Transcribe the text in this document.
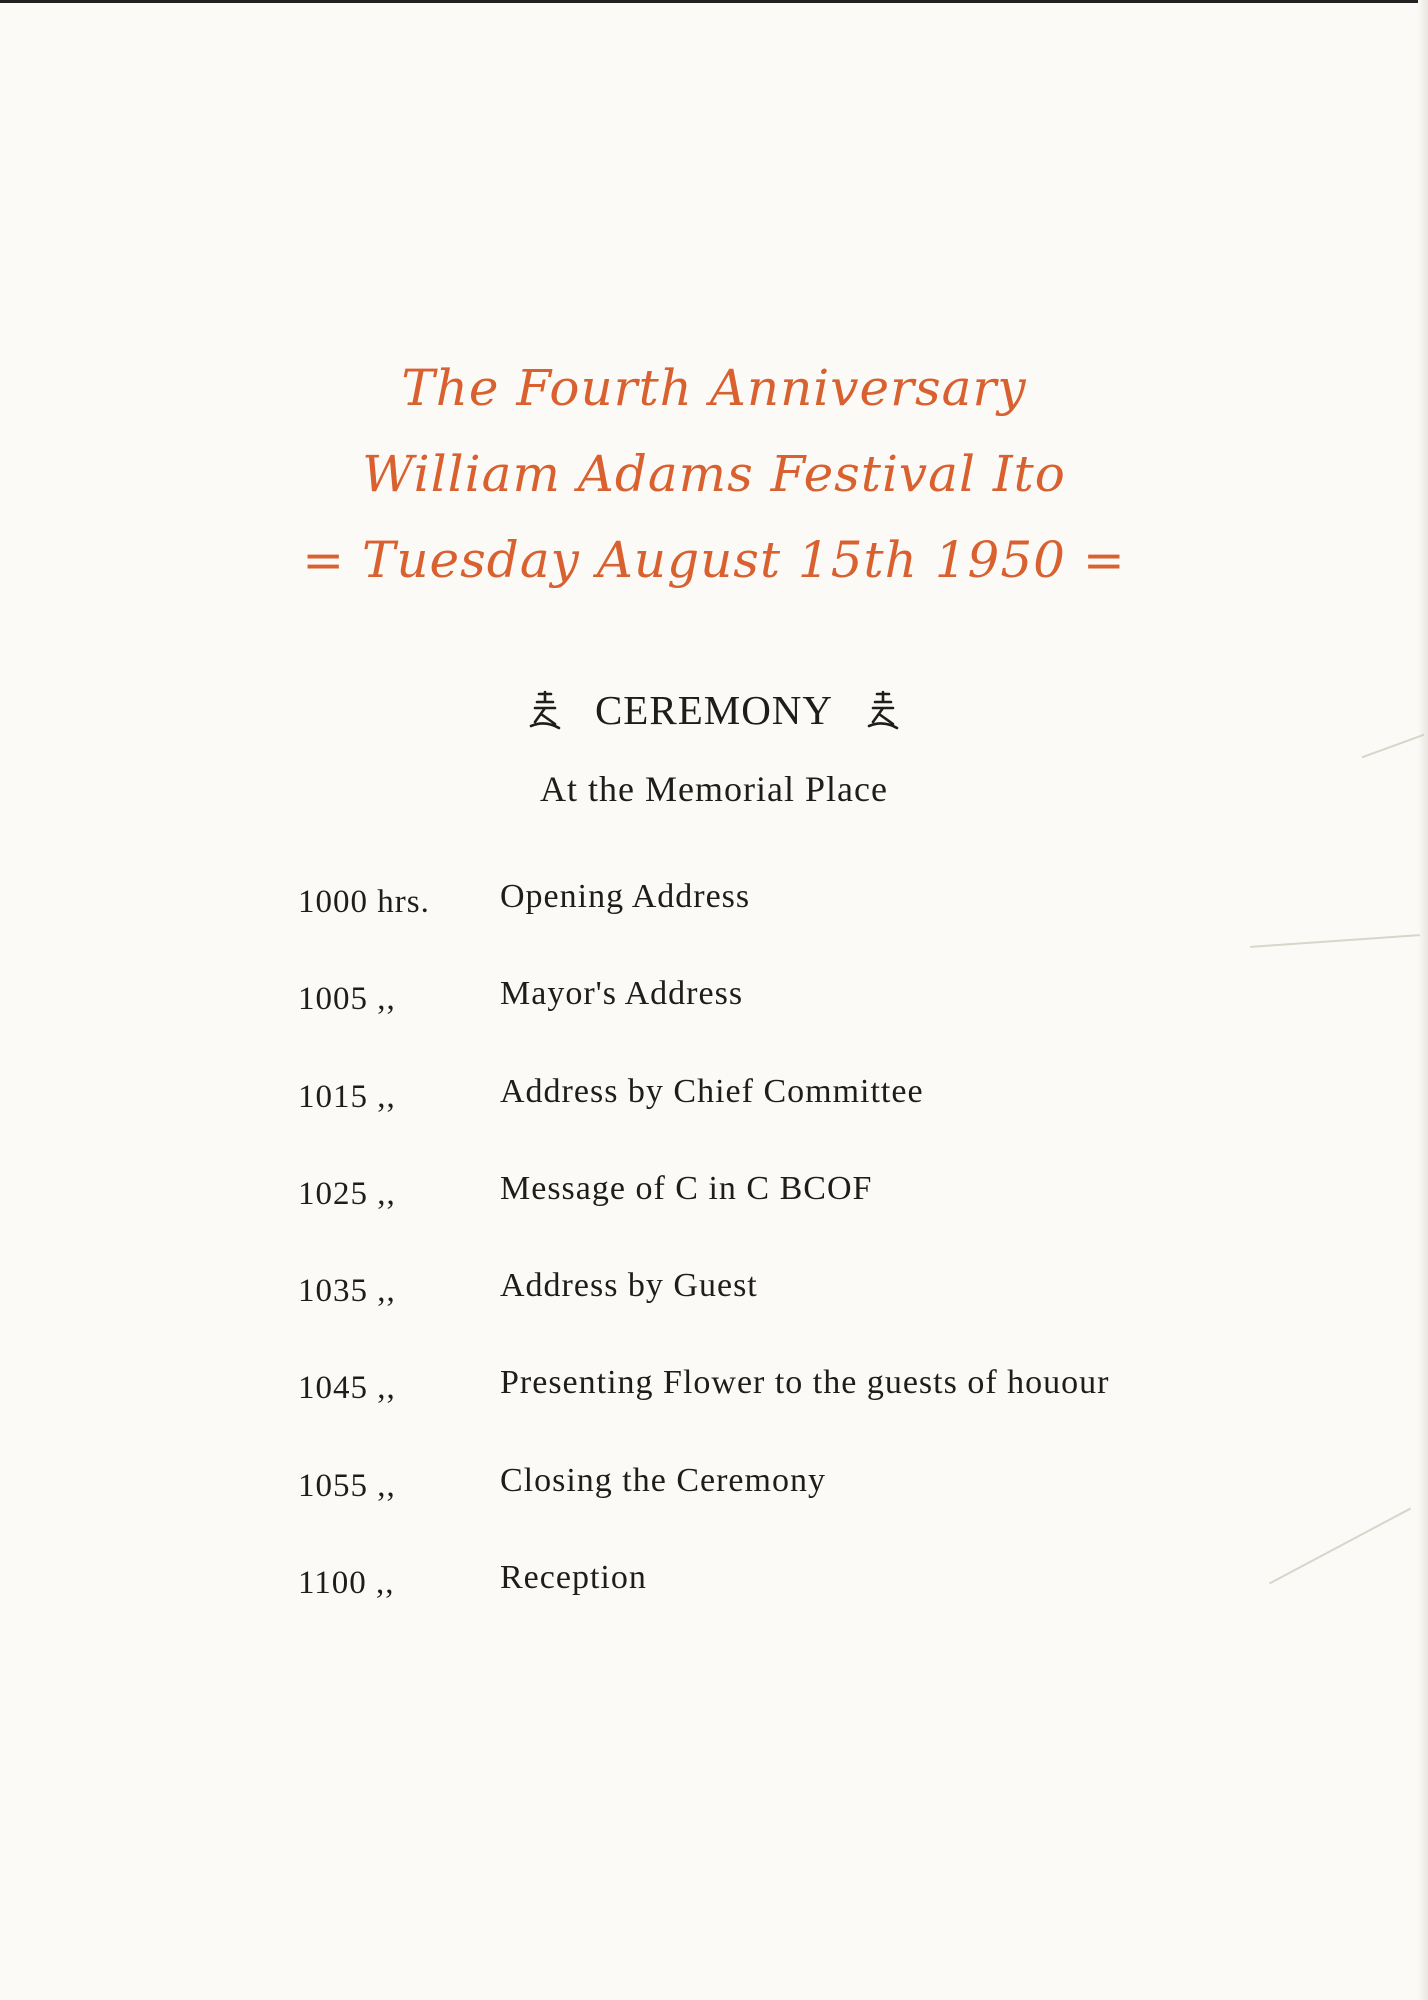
The Fourth Anniversary
William Adams Festival Ito
= Tuesday August 15th 1950 =
CEREMONY
At the Memorial Place
1000 hrs.	Opening Address
1005 ,,	Mayor's Address
1015 ,,	Address by Chief Committee
1025 ,,	Message of C in C BCOF
1035 ,,	Address by Guest
1045 ,,	Presenting Flower to the guests of houour
1055 ,,	Closing the Ceremony
1100 ,,	Reception
